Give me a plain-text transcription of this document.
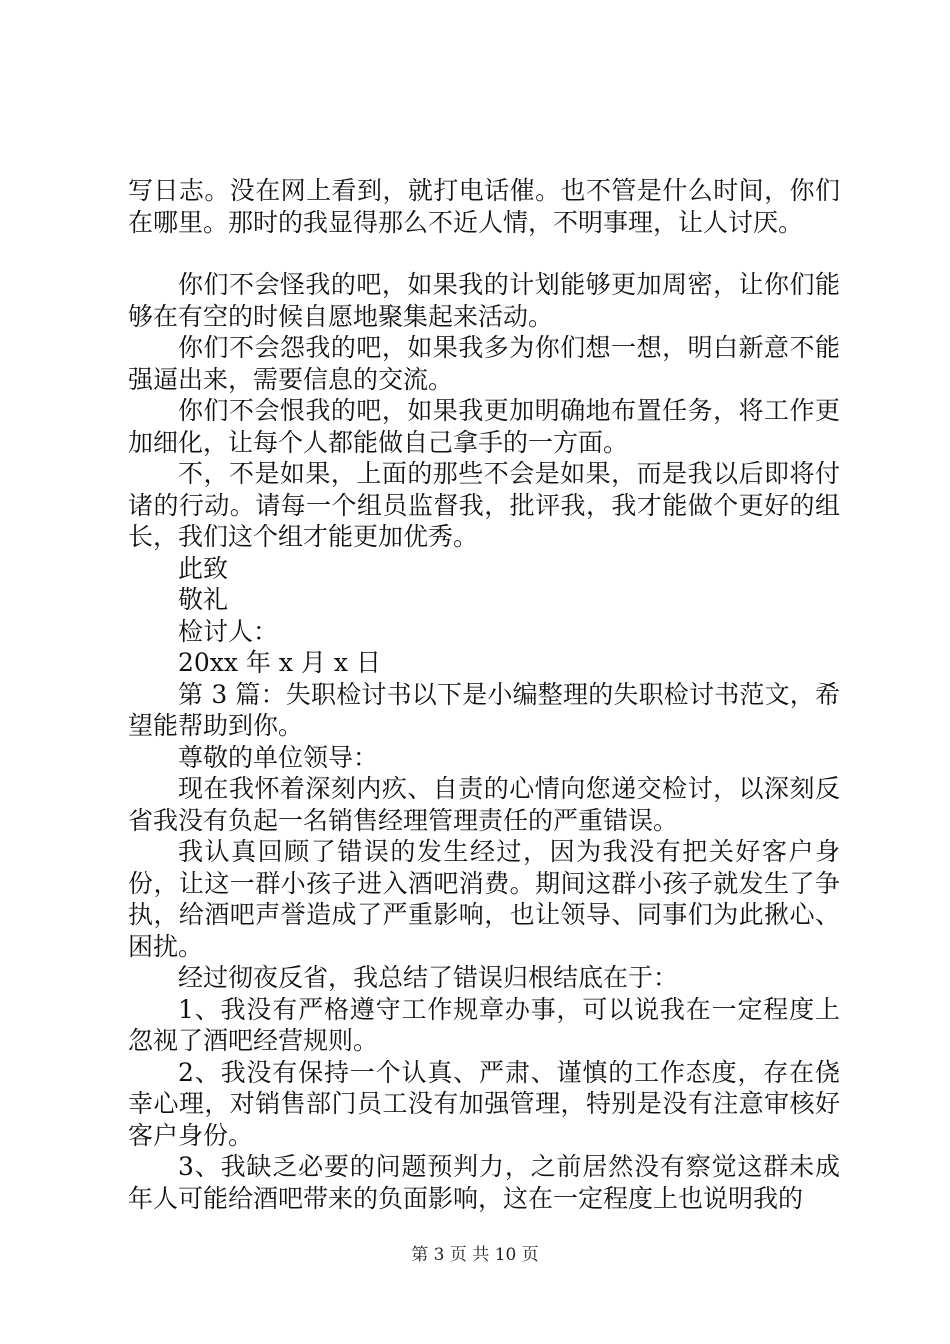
写日志。没在网上看到，就打电话催。也不管是什么时间，你们在哪里。那时的我显得那么不近人情，不明事理，让人讨厌。

你们不会怪我的吧，如果我的计划能够更加周密，让你们能够在有空的时候自愿地聚集起来活动。

你们不会怨我的吧，如果我多为你们想一想，明白新意不能强逼出来，需要信息的交流。

你们不会恨我的吧，如果我更加明确地布置任务，将工作更加细化，让每个人都能做自己拿手的一方面。

不，不是如果，上面的那些不会是如果，而是我以后即将付诸的行动。请每一个组员监督我，批评我，我才能做个更好的组长，我们这个组才能更加优秀。

此致

敬礼

检讨人：

20xx 年 x 月 x 日

第 3 篇：失职检讨书以下是小编整理的失职检讨书范文，希望能帮助到你。

尊敬的单位领导：

现在我怀着深刻内疚、自责的心情向您递交检讨，以深刻反省我没有负起一名销售经理管理责任的严重错误。

我认真回顾了错误的发生经过，因为我没有把关好客户身份，让这一群小孩子进入酒吧消费。期间这群小孩子就发生了争执，给酒吧声誉造成了严重影响，也让领导、同事们为此揪心、困扰。

经过彻夜反省，我总结了错误归根结底在于：

1、我没有严格遵守工作规章办事，可以说我在一定程度上忽视了酒吧经营规则。

2、我没有保持一个认真、严肃、谨慎的工作态度，存在侥幸心理，对销售部门员工没有加强管理，特别是没有注意审核好客户身份。

3、我缺乏必要的问题预判力，之前居然没有察觉这群未成年人可能给酒吧带来的负面影响，这在一定程度上也说明我的

第 3 页 共 10 页
